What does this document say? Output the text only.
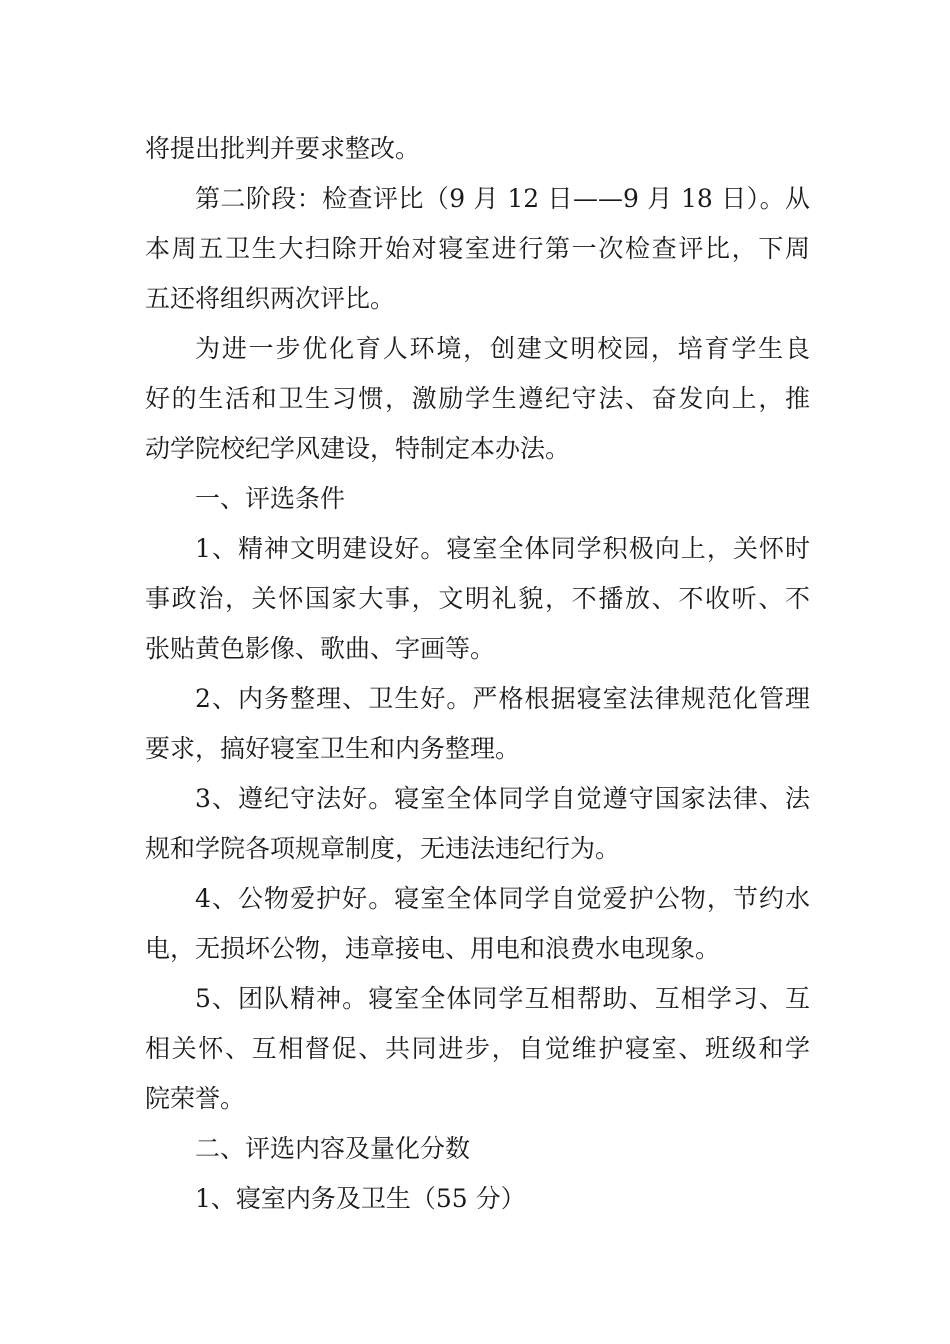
将提出批判并要求整改。
第二阶段：检查评比（9 月 12 日——9 月 18 日）。从
本周五卫生大扫除开始对寝室进行第一次检查评比，下周
五还将组织两次评比。
为进一步优化育人环境，创建文明校园，培育学生良
好的生活和卫生习惯，激励学生遵纪守法、奋发向上，推
动学院校纪学风建设，特制定本办法。
一、评选条件
1、精神文明建设好。寝室全体同学积极向上，关怀时
事政治，关怀国家大事，文明礼貌，不播放、不收听、不
张贴黄色影像、歌曲、字画等。
2、内务整理、卫生好。严格根据寝室法律规范化管理
要求，搞好寝室卫生和内务整理。
3、遵纪守法好。寝室全体同学自觉遵守国家法律、法
规和学院各项规章制度，无违法违纪行为。
4、公物爱护好。寝室全体同学自觉爱护公物，节约水
电，无损坏公物，违章接电、用电和浪费水电现象。
5、团队精神。寝室全体同学互相帮助、互相学习、互
相关怀、互相督促、共同进步，自觉维护寝室、班级和学
院荣誉。
二、评选内容及量化分数
1、寝室内务及卫生（55 分）
